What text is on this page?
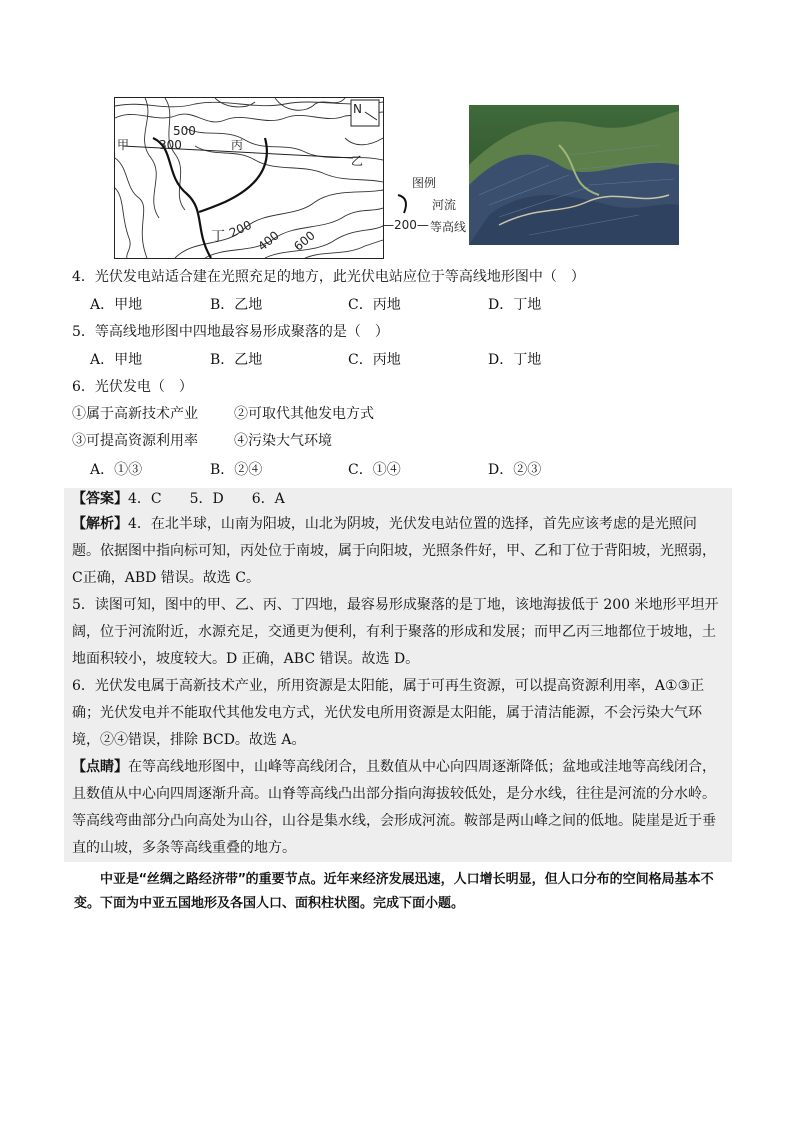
N
500
甲 300	丙
乙
丁 200 400 600
图例
河流
—200— 等高线
4．光伏发电站适合建在光照充足的地方，此光伏电站应位于等高线地形图中（　）
A．甲地	B．乙地	C．丙地	D．丁地
5．等高线地形图中四地最容易形成聚落的是（　）
A．甲地	B．乙地	C．丙地	D．丁地
6．光伏发电（　）
①属于高新技术产业	②可取代其他发电方式
③可提高资源利用率	④污染大气环境
A．①③	B．②④	C．①④	D．②③
【答案】4．C　　5．D　　6．A
【解析】4．在北半球，山南为阳坡，山北为阴坡，光伏发电站位置的选择，首先应该考虑的是光照问题。依据图中指向标可知，丙处位于南坡，属于向阳坡，光照条件好，甲、乙和丁位于背阳坡，光照弱，C正确，ABD 错误。故选 C。
5．读图可知，图中的甲、乙、丙、丁四地，最容易形成聚落的是丁地，该地海拔低于 200 米地形平坦开阔，位于河流附近，水源充足，交通更为便利，有利于聚落的形成和发展；而甲乙丙三地都位于坡地，土地面积较小，坡度较大。D 正确，ABC 错误。故选 D。
6．光伏发电属于高新技术产业，所用资源是太阳能，属于可再生资源，可以提高资源利用率，A①③正确；光伏发电并不能取代其他发电方式，光伏发电所用资源是太阳能，属于清洁能源，不会污染大气环境，②④错误，排除 BCD。故选 A。
【点睛】在等高线地形图中，山峰等高线闭合，且数值从中心向四周逐渐降低；盆地或洼地等高线闭合，且数值从中心向四周逐渐升高。山脊等高线凸出部分指向海拔较低处，是分水线，往往是河流的分水岭。等高线弯曲部分凸向高处为山谷，山谷是集水线，会形成河流。鞍部是两山峰之间的低地。陡崖是近于垂直的山坡，多条等高线重叠的地方。
中亚是“丝绸之路经济带”的重要节点。近年来经济发展迅速，人口增长明显，但人口分布的空间格局基本不变。下面为中亚五国地形及各国人口、面积柱状图。完成下面小题。
